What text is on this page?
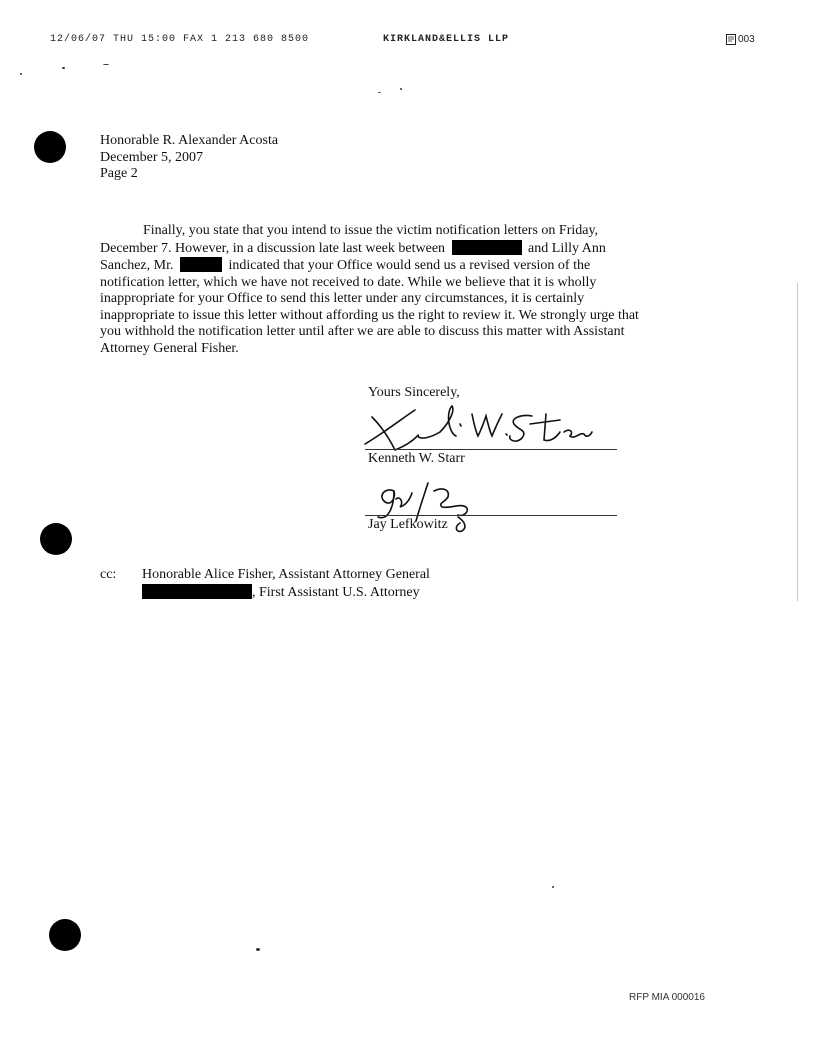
12/06/07 THU 15:00 FAX 1 213 680 8500	KIRKLAND&ELLIS LLP	003
Honorable R. Alexander Acosta
December 5, 2007
Page 2
Finally, you state that you intend to issue the victim notification letters on Friday,
December 7. However, in a discussion late last week between	and Lilly Ann
Sanchez, Mr.	indicated that your Office would send us a revised version of the
notification letter, which we have not received to date. While we believe that it is wholly
inappropriate for your Office to send this letter under any circumstances, it is certainly
inappropriate to issue this letter without affording us the right to review it. We strongly urge that
you withhold the notification letter until after we are able to discuss this matter with Assistant
Attorney General Fisher.
Yours Sincerely,
Kenneth W. Starr
Jay Lefkowitz
cc: Honorable Alice Fisher, Assistant Attorney General
, First Assistant U.S. Attorney
RFP MIA 000016
